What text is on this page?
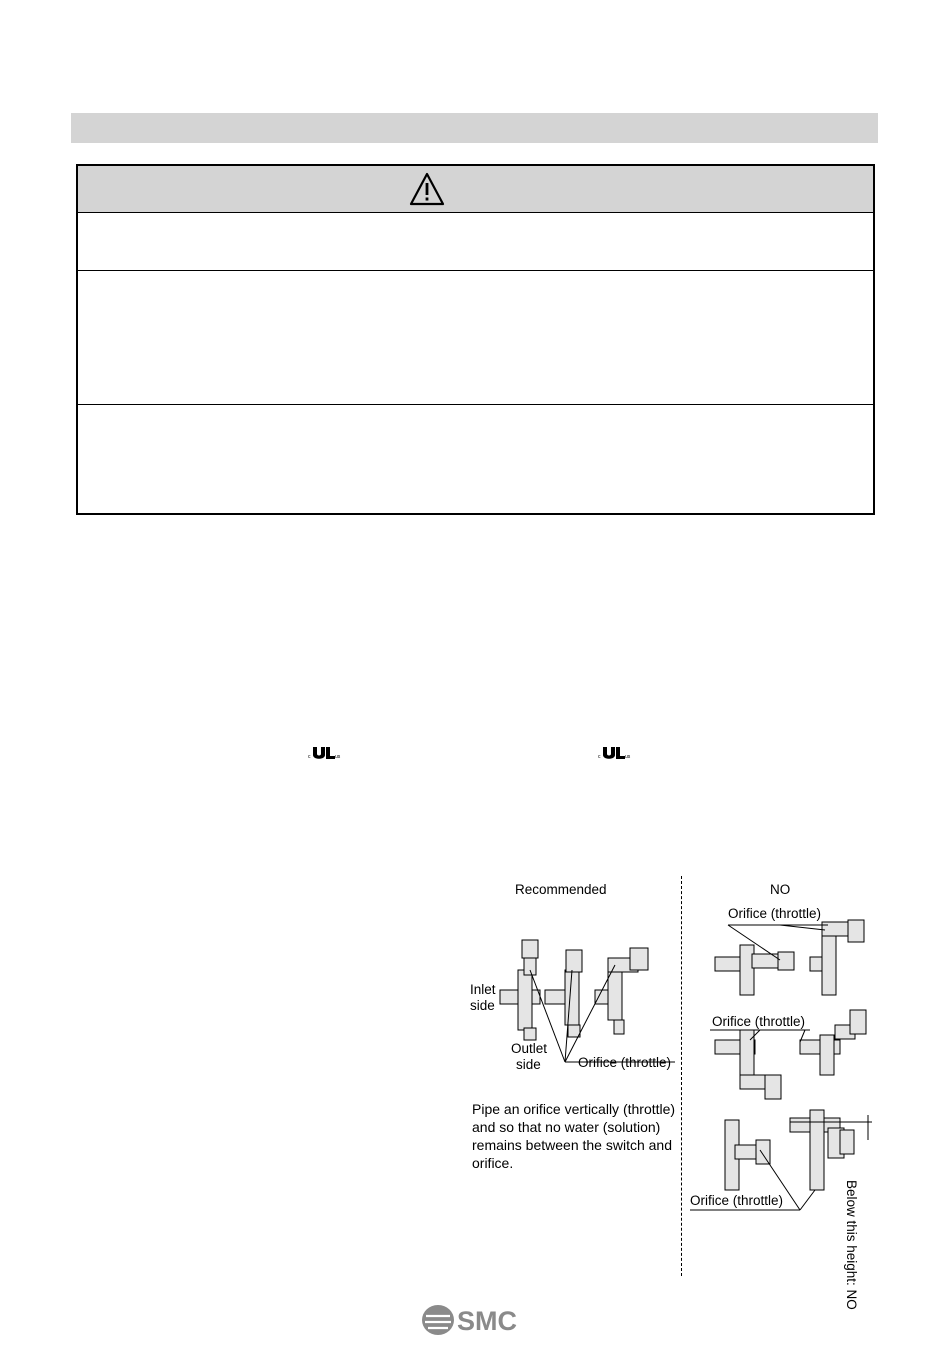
c	us	c	us
Recommended	NO
Inlet
side
Outlet
side	Orifice (throttle)
Orifice (throttle)
Orifice (throttle)
Orifice (throttle)	Below this height: NO
Pipe an orifice vertically (throttle) and so that no water (solution) remains between the switch and orifice.
SMC
